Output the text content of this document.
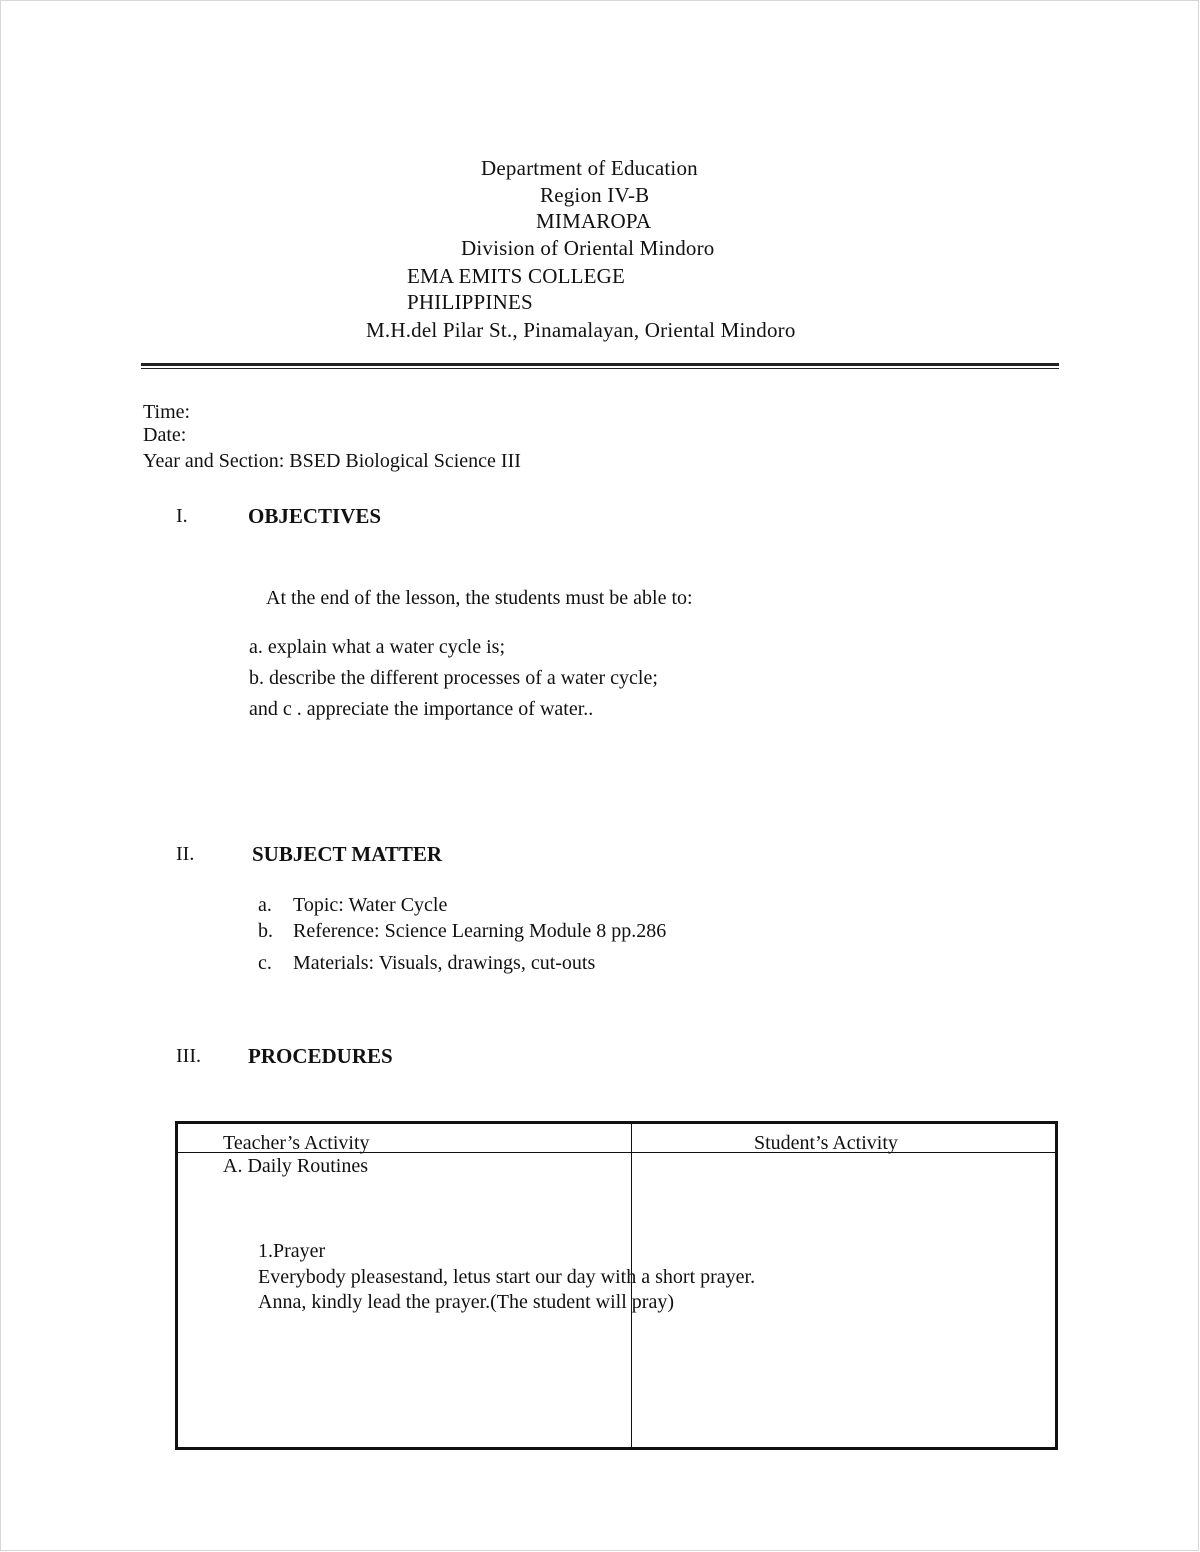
Department of Education
Region IV-B
MIMAROPA
Division of Oriental Mindoro
EMA EMITS COLLEGE
PHILIPPINES
M.H.del Pilar St., Pinamalayan, Oriental Mindoro
Time:
Date:
Year and Section: BSED Biological Science III
I.	OBJECTIVES
At the end of the lesson, the students must be able to:
a. explain what a water cycle is;
b. describe the different processes of a water cycle;
and c . appreciate the importance of water..
II.	SUBJECT MATTER
a. Topic: Water Cycle
b. Reference: Science Learning Module 8 pp.286
c. Materials: Visuals, drawings, cut-outs
III. PROCEDURES
Teacher’s Activity	Student’s Activity
A. Daily Routines
1.Prayer
Everybody pleasestand, letus start our day with a short prayer.
Anna, kindly lead the prayer.(The student will pray)
